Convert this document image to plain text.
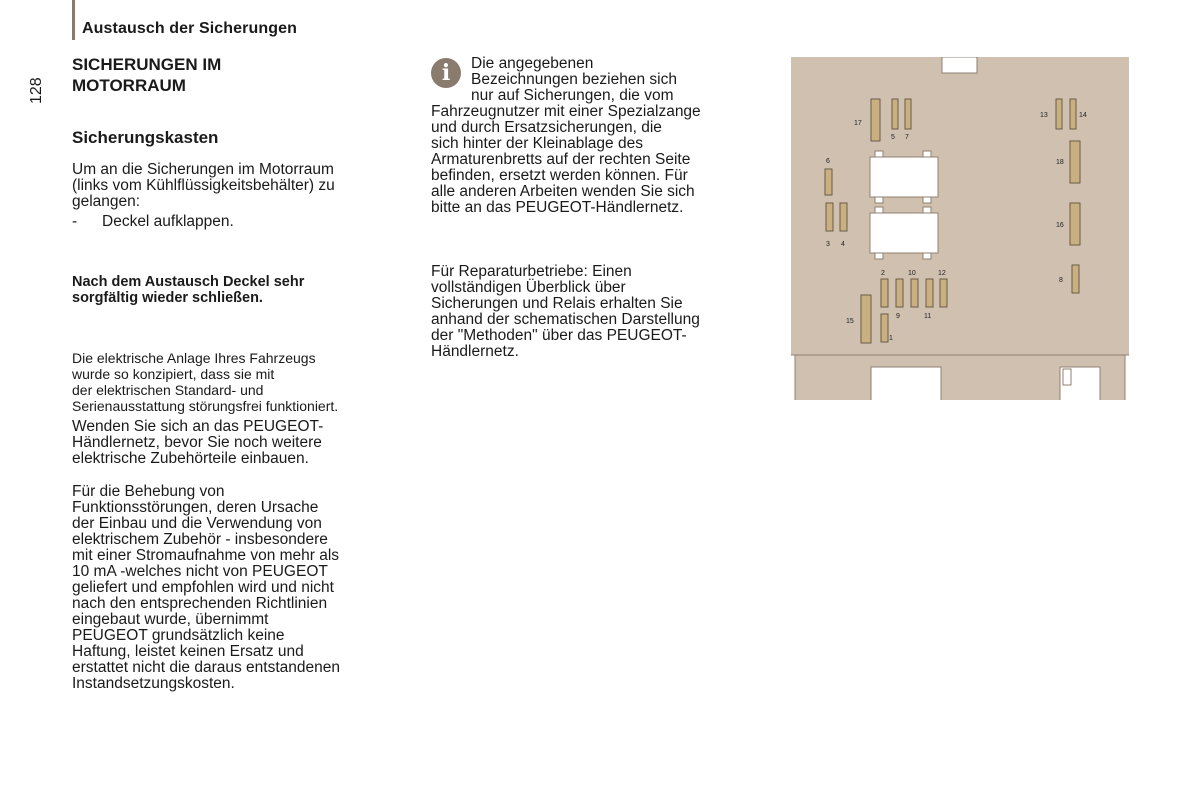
Austausch der Sicherungen
128
SICHERUNGEN IM
MOTORRAUM
Sicherungskasten
Um an die Sicherungen im Motorraum
(links vom Kühlflüssigkeitsbehälter) zu
gelangen:
-	Deckel aufklappen.
Nach dem Austausch Deckel sehr
sorgfältig wieder schließen.
Die elektrische Anlage Ihres Fahrzeugs
wurde so konzipiert, dass sie mit
der elektrischen Standard- und
Serienausstattung störungsfrei funktioniert.
Wenden Sie sich an das PEUGEOT-
Händlernetz, bevor Sie noch weitere
elektrische Zubehörteile einbauen.
Für die Behebung von
Funktionsstörungen, deren Ursache
der Einbau und die Verwendung von
elektrischem Zubehör - insbesondere
mit einer Stromaufnahme von mehr als
10 mA -welches nicht von PEUGEOT
geliefert und empfohlen wird und nicht
nach den entsprechenden Richtlinien
eingebaut wurde, übernimmt
PEUGEOT grundsätzlich keine
Haftung, leistet keinen Ersatz und
erstattet nicht die daraus entstandenen
Instandsetzungskosten.
i	Die angegebenen
Bezeichnungen beziehen sich
nur auf Sicherungen, die vom
Fahrzeugnutzer mit einer Spezialzange
und durch Ersatzsicherungen, die
sich hinter der Kleinablage des
Armaturenbretts auf der rechten Seite
befinden, ersetzt werden können. Für
alle anderen Arbeiten wenden Sie sich
bitte an das PEUGEOT-Händlernetz.
Für Reparaturbetriebe: Einen
vollständigen Überblick über
Sicherungen und Relais erhalten Sie
anhand der schematischen Darstellung
der "Methoden" über das PEUGEOT-
Händlernetz.
17
5 7
6
3 4
13	14
18
16
8
2	10	12
15
9	11
1
